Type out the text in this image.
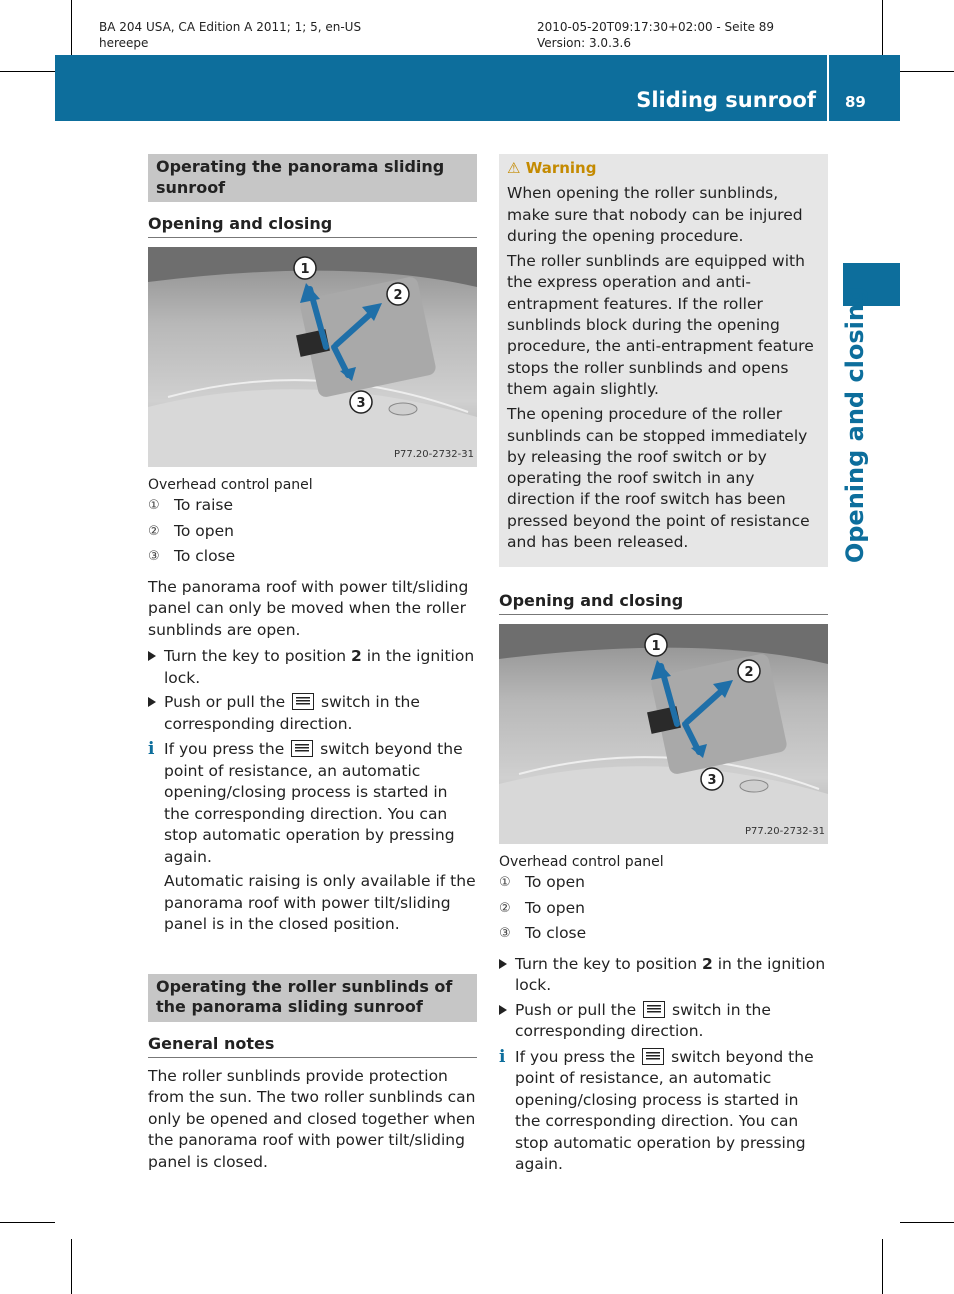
BA 204 USA, CA Edition A 2011; 1; 5, en-US
hereepe
2010-05-20T09:17:30+02:00 - Seite 89
Version: 3.0.3.6
Sliding sunroof 89
Opening and closing
Operating the panorama sliding sunroof
Opening and closing
1
2
3
P77.20-2732-31
Overhead control panel
① To raise
② To open
③ To close

The panorama roof with power tilt/sliding panel can only be moved when the roller sunblinds are open.

Turn the key to position 2 in the ignition lock.
Push or pull the  switch in the corresponding direction.
i If you press the  switch beyond the point of resistance, an automatic opening/closing process is started in the corresponding direction. You can stop automatic operation by pressing again.

Automatic raising is only available if the panorama roof with power tilt/sliding panel is in the closed position.

Operating the roller sunblinds of the panorama sliding sunroof
General notes

The roller sunblinds provide protection from the sun. The two roller sunblinds can only be opened and closed together when the panorama roof with power tilt/sliding panel is closed.

⚠ Warning

When opening the roller sunblinds, make sure that nobody can be injured during the opening procedure.

The roller sunblinds are equipped with the express operation and anti-entrapment features. If the roller sunblinds block during the opening procedure, the anti-entrapment feature stops the roller sunblinds and opens them again slightly.

The opening procedure of the roller sunblinds can be stopped immediately by releasing the roof switch or by operating the roof switch in any direction if the roof switch has been pressed beyond the point of resistance and has been released.

Opening and closing
1
2
3
P77.20-2732-31
Overhead control panel
① To open
② To open
③ To close
Turn the key to position 2 in the ignition lock.
Push or pull the  switch in the corresponding direction.
i If you press the  switch beyond the point of resistance, an automatic opening/closing process is started in the corresponding direction. You can stop automatic operation by pressing again.
